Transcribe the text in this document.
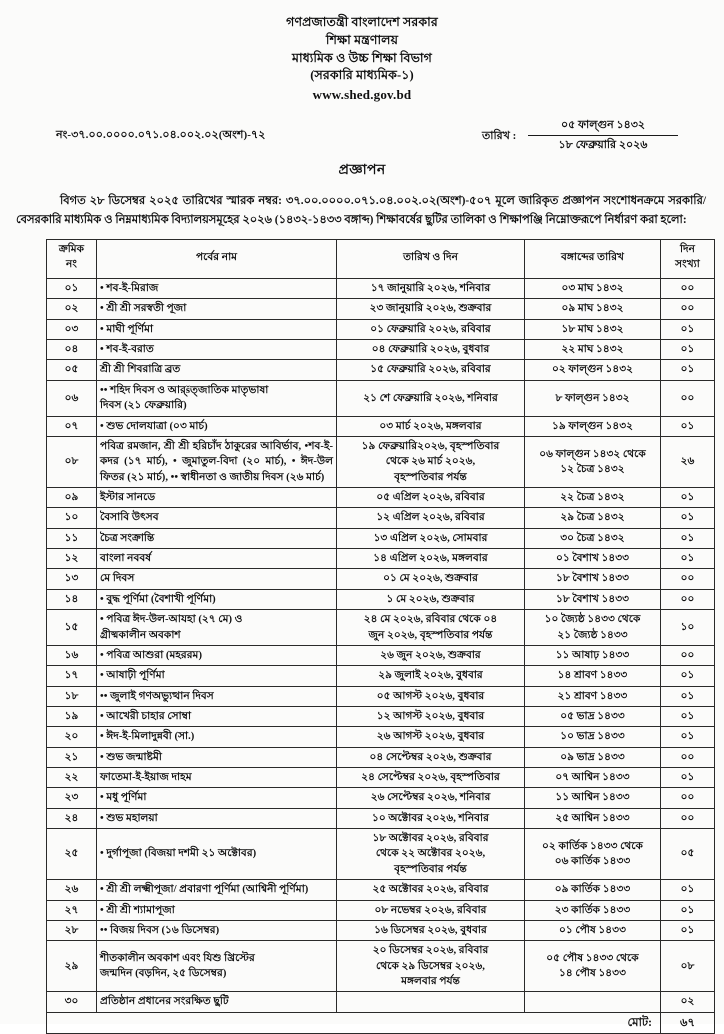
গণপ্রজাতন্ত্রী বাংলাদেশ সরকার
শিক্ষা মন্ত্রণালয়
মাধ্যমিক ও উচ্চ শিক্ষা বিভাগ
(সরকারি মাধ্যমিক-১)
www.shed.gov.bd
নং-৩৭.০০.০০০০.০৭১.০৪.০০২.০২(অংশ)-৭২	তারিখ :
০৫ ফাল্গুন ১৪৩২
১৮ ফেব্রুয়ারি ২০২৬
প্রজ্ঞাপন
বিগত ২৮ ডিসেম্বর ২০২৫ তারিখের স্মারক নম্বর: ৩৭.০০.০০০০.০৭১.০৪.০০২.০২(অংশ)-৫০৭ মূলে জারিকৃত প্রজ্ঞাপন সংশোধনক্রমে সরকারি/বেসরকারি মাধ্যমিক ও নিম্নমাধ্যমিক বিদ্যালয়সমূহের ২০২৬ (১৪৩২-১৪৩৩ বঙ্গাব্দ) শিক্ষাবর্ষের ছুটির তালিকা ও শিক্ষাপঞ্জি নিম্নোক্তরূপে নির্ধারণ করা হলো:
ক্রমিক
নং	পর্বের নাম	তারিখ ও দিন	বঙ্গাব্দের তারিখ	দিন
সংখ্যা
০১	• শব-ই-মিরাজ	১৭ জানুয়ারি ২০২৬, শনিবার	০৩ মাঘ ১৪৩২	০০
০২	• শ্রী শ্রী সরস্বতী পূজা	২৩ জানুয়ারি ২০২৬, শুক্রবার	০৯ মাঘ ১৪৩২	০০
০৩	• মাঘী পূর্ণিমা	০১ ফেব্রুয়ারি ২০২৬, রবিবার	১৮ মাঘ ১৪৩২	০১
০৪	• শব-ই-বরাত	০৪ ফেব্রুয়ারি ২০২৬, বুধবার	২২ মাঘ ১৪৩২	০১
০৫	শ্রী শ্রী শিবরাত্রি ব্রত	১৫ ফেব্রুয়ারি ২০২৬, রবিবার	০২ ফাল্গুন ১৪৩২	০১
০৬	•• শহিদ দিবস ও আর্šত্জাতিক মাতৃভাষা
দিবস (২১ ফেব্রুয়ারি)	২১ শে ফেব্রুয়ারি ২০২৬, শনিবার	৮ ফাল্গুন ১৪৩২	০০
০৭	• শুভ দোলযাত্রা (০৩ মার্চ)	০৩ মার্চ ২০২৬, মঙ্গলবার	১৯ ফাল্গুন ১৪৩২	০১
০৮	পবিত্র রমজান, শ্রী শ্রী হরিচাঁদ ঠাকুরের আবির্ভাব, •শব-ই-কদর (১৭ মার্চ), • জুমাতুল-বিদা (২০ মার্চ), • ঈদ-উল ফিতর (২১ মার্চ), •• স্বাধীনতা ও জাতীয় দিবস (২৬ মার্চ)	১৯ ফেব্রুয়ারি২০২৬, বৃহস্পতিবার
থেকে ২৬ মার্চ ২০২৬,
বৃহস্পতিবার পর্যন্ত	০৬ ফাল্গুন ১৪৩২ থেকে
১২ চৈত্র ১৪৩২	২৬
০৯	ইস্টার সানডে	০৫ এপ্রিল ২০২৬, রবিবার	২২ চৈত্র ১৪৩২	০১
১০	বৈসাবি উৎসব	১২ এপ্রিল ২০২৬, রবিবার	২৯ চৈত্র ১৪৩২	০১
১১	চৈত্র সংক্রান্তি	১৩ এপ্রিল ২০২৬, সোমবার	৩০ চৈত্র ১৪৩২	০১
১২	বাংলা নববর্ষ	১৪ এপ্রিল ২০২৬, মঙ্গলবার	০১ বৈশাখ ১৪৩৩	০১
১৩	মে দিবস	০১ মে ২০২৬, শুক্রবার	১৮ বৈশাখ ১৪৩৩	০০
১৪	• বুদ্ধ পূর্ণিমা (বৈশাখী পূর্ণিমা)	১ মে ২০২৬, শুক্রবার	১৮ বৈশাখ ১৪৩৩	০০
১৫	• পবিত্র ঈদ-উল-আযহা (২৭ মে) ও
গ্রীষ্মকালীন অবকাশ	২৪ মে ২০২৬, রবিবার থেকে ০৪
জুন ২০২৬, বৃহস্পতিবার পর্যন্ত	১০ জ্যৈষ্ঠ ১৪৩৩ থেকে
২১ জ্যৈষ্ঠ ১৪৩৩	১০
১৬	• পবিত্র আশুরা (মহররম)	২৬ জুন ২০২৬, শুক্রবার	১১ আষাঢ় ১৪৩৩	০০
১৭	• আষাঢ়ী পূর্ণিমা	২৯ জুলাই ২০২৬, বুধবার	১৪ শ্রাবণ ১৪৩৩	০১
১৮	•• জুলাই গণঅভ্যুত্থান দিবস	০৫ আগস্ট ২০২৬, বুধবার	২১ শ্রাবণ ১৪৩৩	০১
১৯	• আখেরী চাহার সোম্বা	১২ আগস্ট ২০২৬, বুধবার	০৫ ভাদ্র ১৪৩৩	০১
২০	• ঈদ-ই-মিলাদুন্নবী (সা.)	২৬ আগস্ট ২০২৬, বুধবার	১০ ভাদ্র ১৪৩৩	০১
২১	• শুভ জন্মাষ্টমী	০৪ সেপ্টেম্বর ২০২৬, শুক্রবার	০৯ ভাদ্র ১৪৩৩	০০
২২	ফাতেমা-ই-ইয়াজ দাহম	২৪ সেপ্টেম্বর ২০২৬, বৃহস্পতিবার	০৭ আশ্বিন ১৪৩৩	০১
২৩	• মধু পূর্ণিমা	২৬ সেপ্টেম্বর ২০২৬, শনিবার	১১ আশ্বিন ১৪৩৩	০০
২৪	• শুভ মহালয়া	১০ অক্টোবর ২০২৬, শনিবার	২৫ আশ্বিন ১৪৩৩	০০
২৫	• দুর্গাপূজা (বিজয়া দশমী ২১ অক্টোবর)	১৮ অক্টোবর ২০২৬, রবিবার
থেকে ২২ অক্টোবর ২০২৬,
বৃহস্পতিবার পর্যন্ত	০২ কার্তিক ১৪৩৩ থেকে
০৬ কার্তিক ১৪৩৩	০৫
২৬	• শ্রী শ্রী লক্ষ্মীপূজা/ প্রবারণা পূর্ণিমা (আশ্বিনী পূর্ণিমা)	২৫ অক্টোবর ২০২৬, রবিবার	০৯ কার্তিক ১৪৩৩	০১
২৭	• শ্রী শ্রী শ্যামাপূজা	০৮ নভেম্বর ২০২৬, রবিবার	২৩ কার্তিক ১৪৩৩	০১
২৮	•• বিজয় দিবস (১৬ ডিসেম্বর)	১৬ ডিসেম্বর ২০২৬, বুধবার	০১ পৌষ ১৪৩৩	০১
২৯	শীতকালীন অবকাশ এবং যিশু খ্রিস্টের
জন্মদিন (বড়দিন, ২৫ ডিসেম্বর)	২০ ডিসেম্বর ২০২৬, রবিবার
থেকে ২৯ ডিসেম্বর ২০২৬,
মঙ্গলবার পর্যন্ত	০৫ পৌষ ১৪৩৩ থেকে
১৪ পৌষ ১৪৩৩	০৮
৩০	প্রতিষ্ঠান প্রধানের সংরক্ষিত ছুটি			০২
মোট:				৬৭
